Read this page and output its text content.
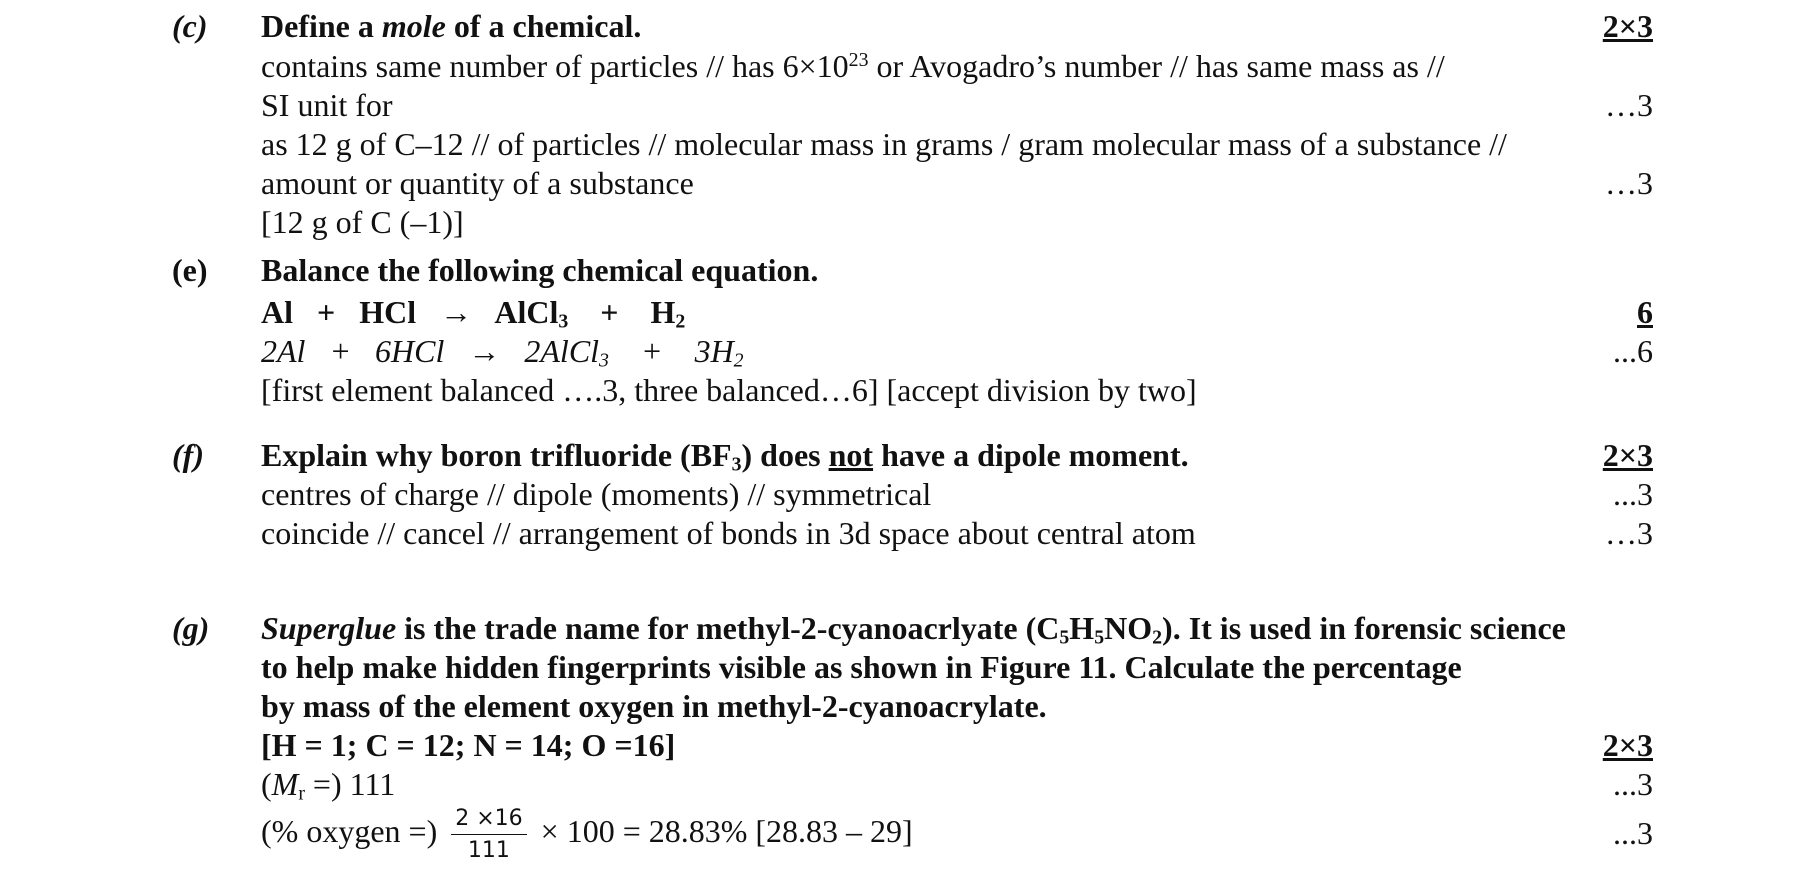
(c) Define a mole of a chemical.	2×3
contains same number of particles // has $6\times 10^{23}$ or Avogadro’s number // has same mass as //
SI unit for	…3
as 12 g of C–12 // of particles // molecular mass in grams / gram molecular mass of a substance //
amount or quantity of a substance	…3
[12 g of C (–1)]
(e) Balance the following chemical equation.
Al   +   HCl   →   AlCl$_3$    +    $H_2$	6
2Al   +   6HCl   →   2AlCl$_3$    +    $3H_2$	...6
[first element balanced ….3, three balanced…6] [accept division by two]
(f) Explain why boron trifluoride $(BF_3)$ does not have a dipole moment.	2×3
centres of charge // dipole (moments) // symmetrical	...3
coincide // cancel // arrangement of bonds in 3d space about central atom	…3
(g) Superglue is the trade name for methyl-2-cyanoacrlyate $(C_5H_5NO_2)$. It is used in forensic science
to help make hidden fingerprints visible as shown in Figure 11. Calculate the percentage
by mass of the element oxygen in methyl-2-cyanoacrylate.
[H = 1; C = 12; N = 14; O =16]	2×3
($M_r$ =) 111	...3
(% oxygen =) $\frac{2 \times 16}{111} \times 100 = 28.83\%$ [28.83 – 29]	...3
